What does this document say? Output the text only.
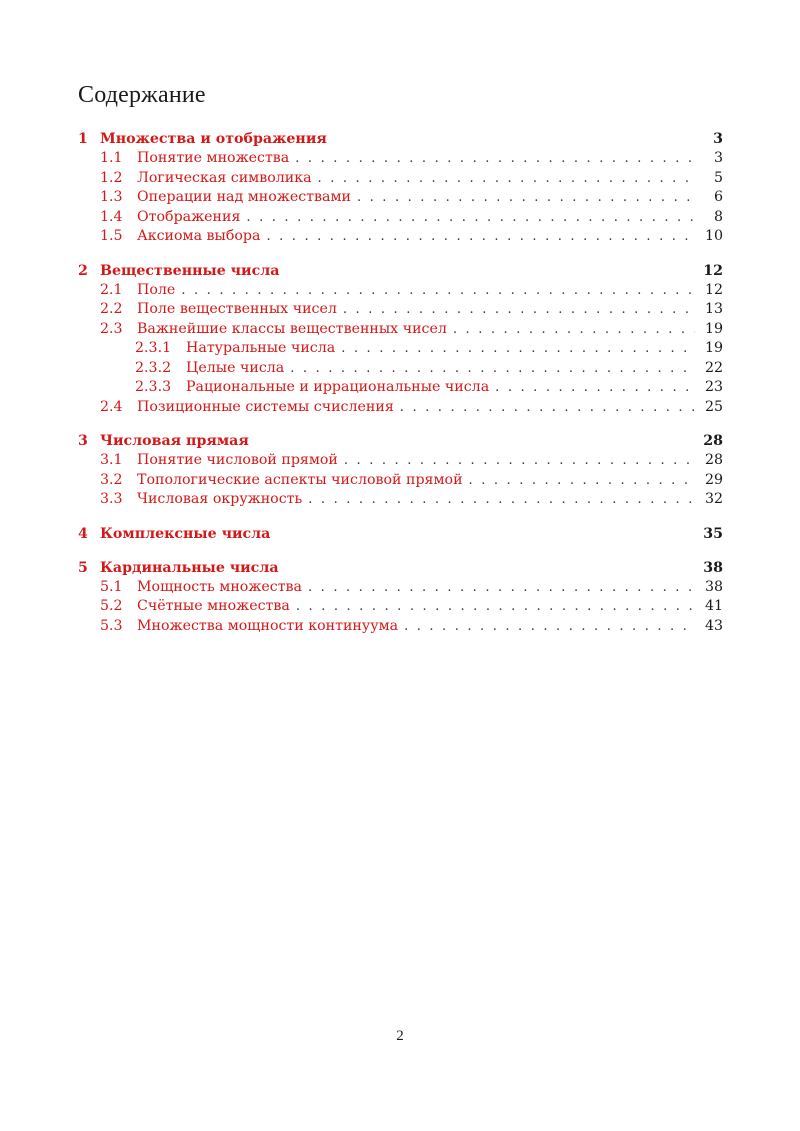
Содержание
1 Множества и отображения	3
1.1	Понятие множества . . .	3
1.2	Логическая символика . . .	5
1.3	Операции над множествами . . .	6
1.4	Отображения . . .	8
1.5	Аксиома выбора . . .	10
2 Вещественные числа	12
2.1	Поле . . .	12
2.2	Поле вещественных чисел . . .	13
2.3	Важнейшие классы вещественных чисел . . .	19
2.3.1	Натуральные числа . . .	19
2.3.2	Целые числа . . .	22
2.3.3	Рациональные и иррациональные числа . . .	23
2.4	Позиционные системы счисления . . .	25
3 Числовая прямая	28
3.1	Понятие числовой прямой . . .	28
3.2	Топологические аспекты числовой прямой . . .	29
3.3	Числовая окружность . . .	32
4 Комплексные числа	35
5 Кардинальные числа	38
5.1	Мощность множества . . .	38
5.2	Счётные множества . . .	41
5.3	Множества мощности континуума . . .	43
2
